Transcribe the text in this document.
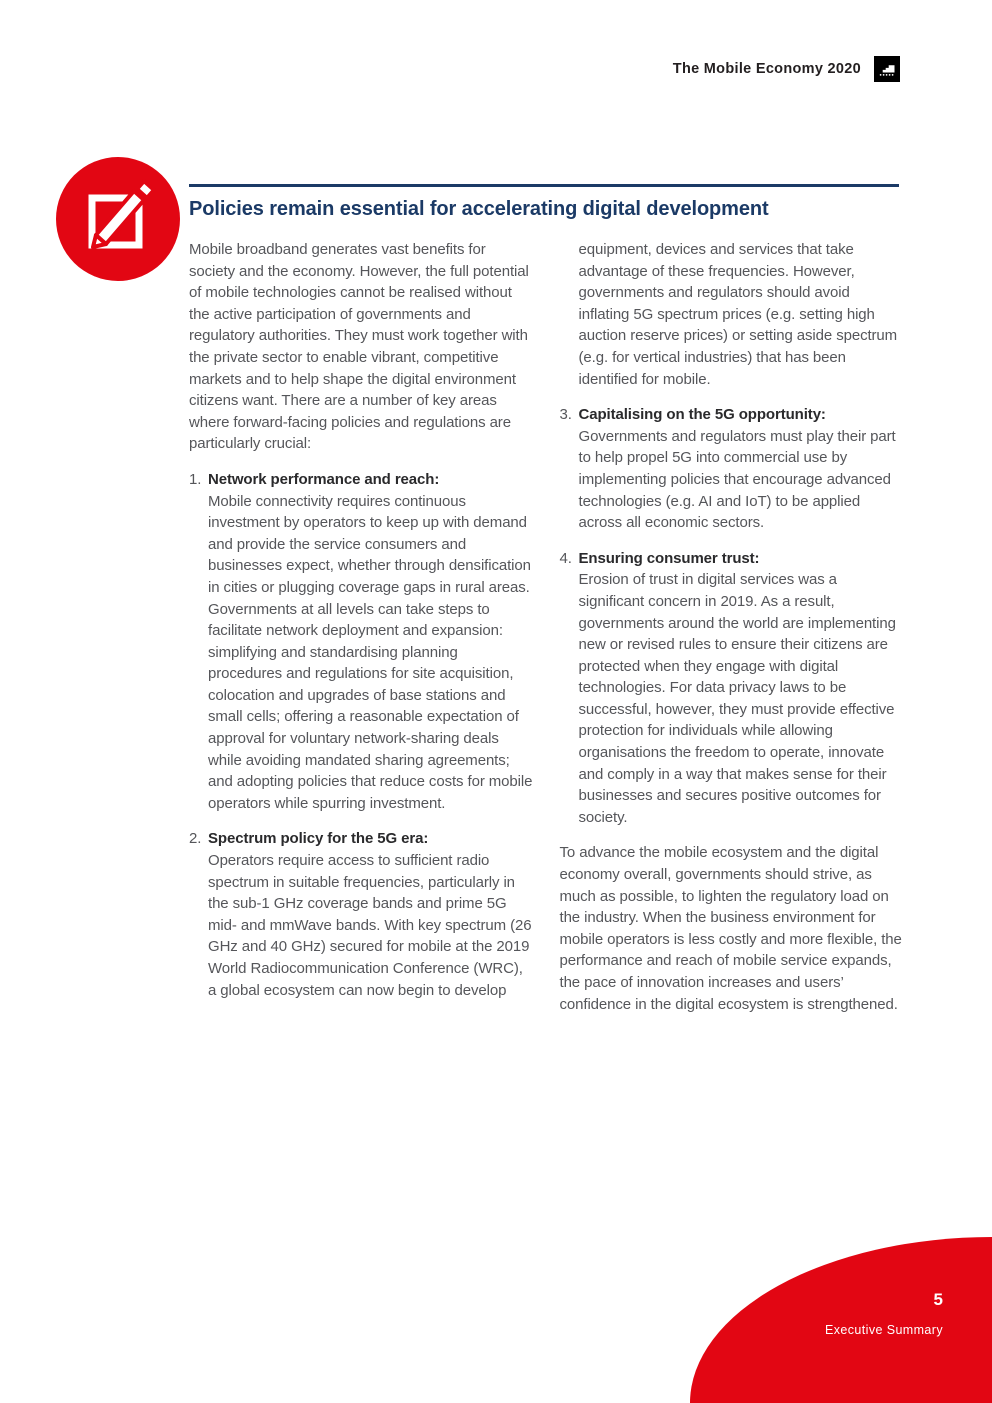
The Mobile Economy 2020
Policies remain essential for accelerating digital development

Mobile broadband generates vast benefits for society and the economy. However, the full potential of mobile technologies cannot be realised without the active participation of governments and regulatory authorities. They must work together with the private sector to enable vibrant, competitive markets and to help shape the digital environment citizens want. There are a number of key areas where forward-facing policies and regulations are particularly crucial:

1. Network performance and reach:
Mobile connectivity requires continuous investment by operators to keep up with demand and provide the service consumers and businesses expect, whether through densification in cities or plugging coverage gaps in rural areas. Governments at all levels can take steps to facilitate network deployment and expansion: simplifying and standardising planning procedures and regulations for site acquisition, colocation and upgrades of base stations and small cells; offering a reasonable expectation of approval for voluntary network-sharing deals while avoiding mandated sharing agreements; and adopting policies that reduce costs for mobile operators while spurring investment.
2. Spectrum policy for the 5G era:
Operators require access to sufficient radio spectrum in suitable frequencies, particularly in the sub-1 GHz coverage bands and prime 5G mid- and mmWave bands. With key spectrum (26 GHz and 40 GHz) secured for mobile at the 2019 World Radiocommunication Conference (WRC), a global ecosystem can now begin to develop equipment, devices and services that take advantage of these frequencies. However, governments and regulators should avoid inflating 5G spectrum prices (e.g. setting high auction reserve prices) or setting aside spectrum (e.g. for vertical industries) that has been identified for mobile.
3. Capitalising on the 5G opportunity:
Governments and regulators must play their part to help propel 5G into commercial use by implementing policies that encourage advanced technologies (e.g. AI and IoT) to be applied across all economic sectors.
4. Ensuring consumer trust:
Erosion of trust in digital services was a significant concern in 2019. As a result, governments around the world are implementing new or revised rules to ensure their citizens are protected when they engage with digital technologies. For data privacy laws to be successful, however, they must provide effective protection for individuals while allowing organisations the freedom to operate, innovate and comply in a way that makes sense for their businesses and secures positive outcomes for society.

To advance the mobile ecosystem and the digital economy overall, governments should strive, as much as possible, to lighten the regulatory load on the industry. When the business environment for mobile operators is less costly and more flexible, the performance and reach of mobile service expands, the pace of innovation increases and users’ confidence in the digital ecosystem is strengthened.

5
Executive Summary
